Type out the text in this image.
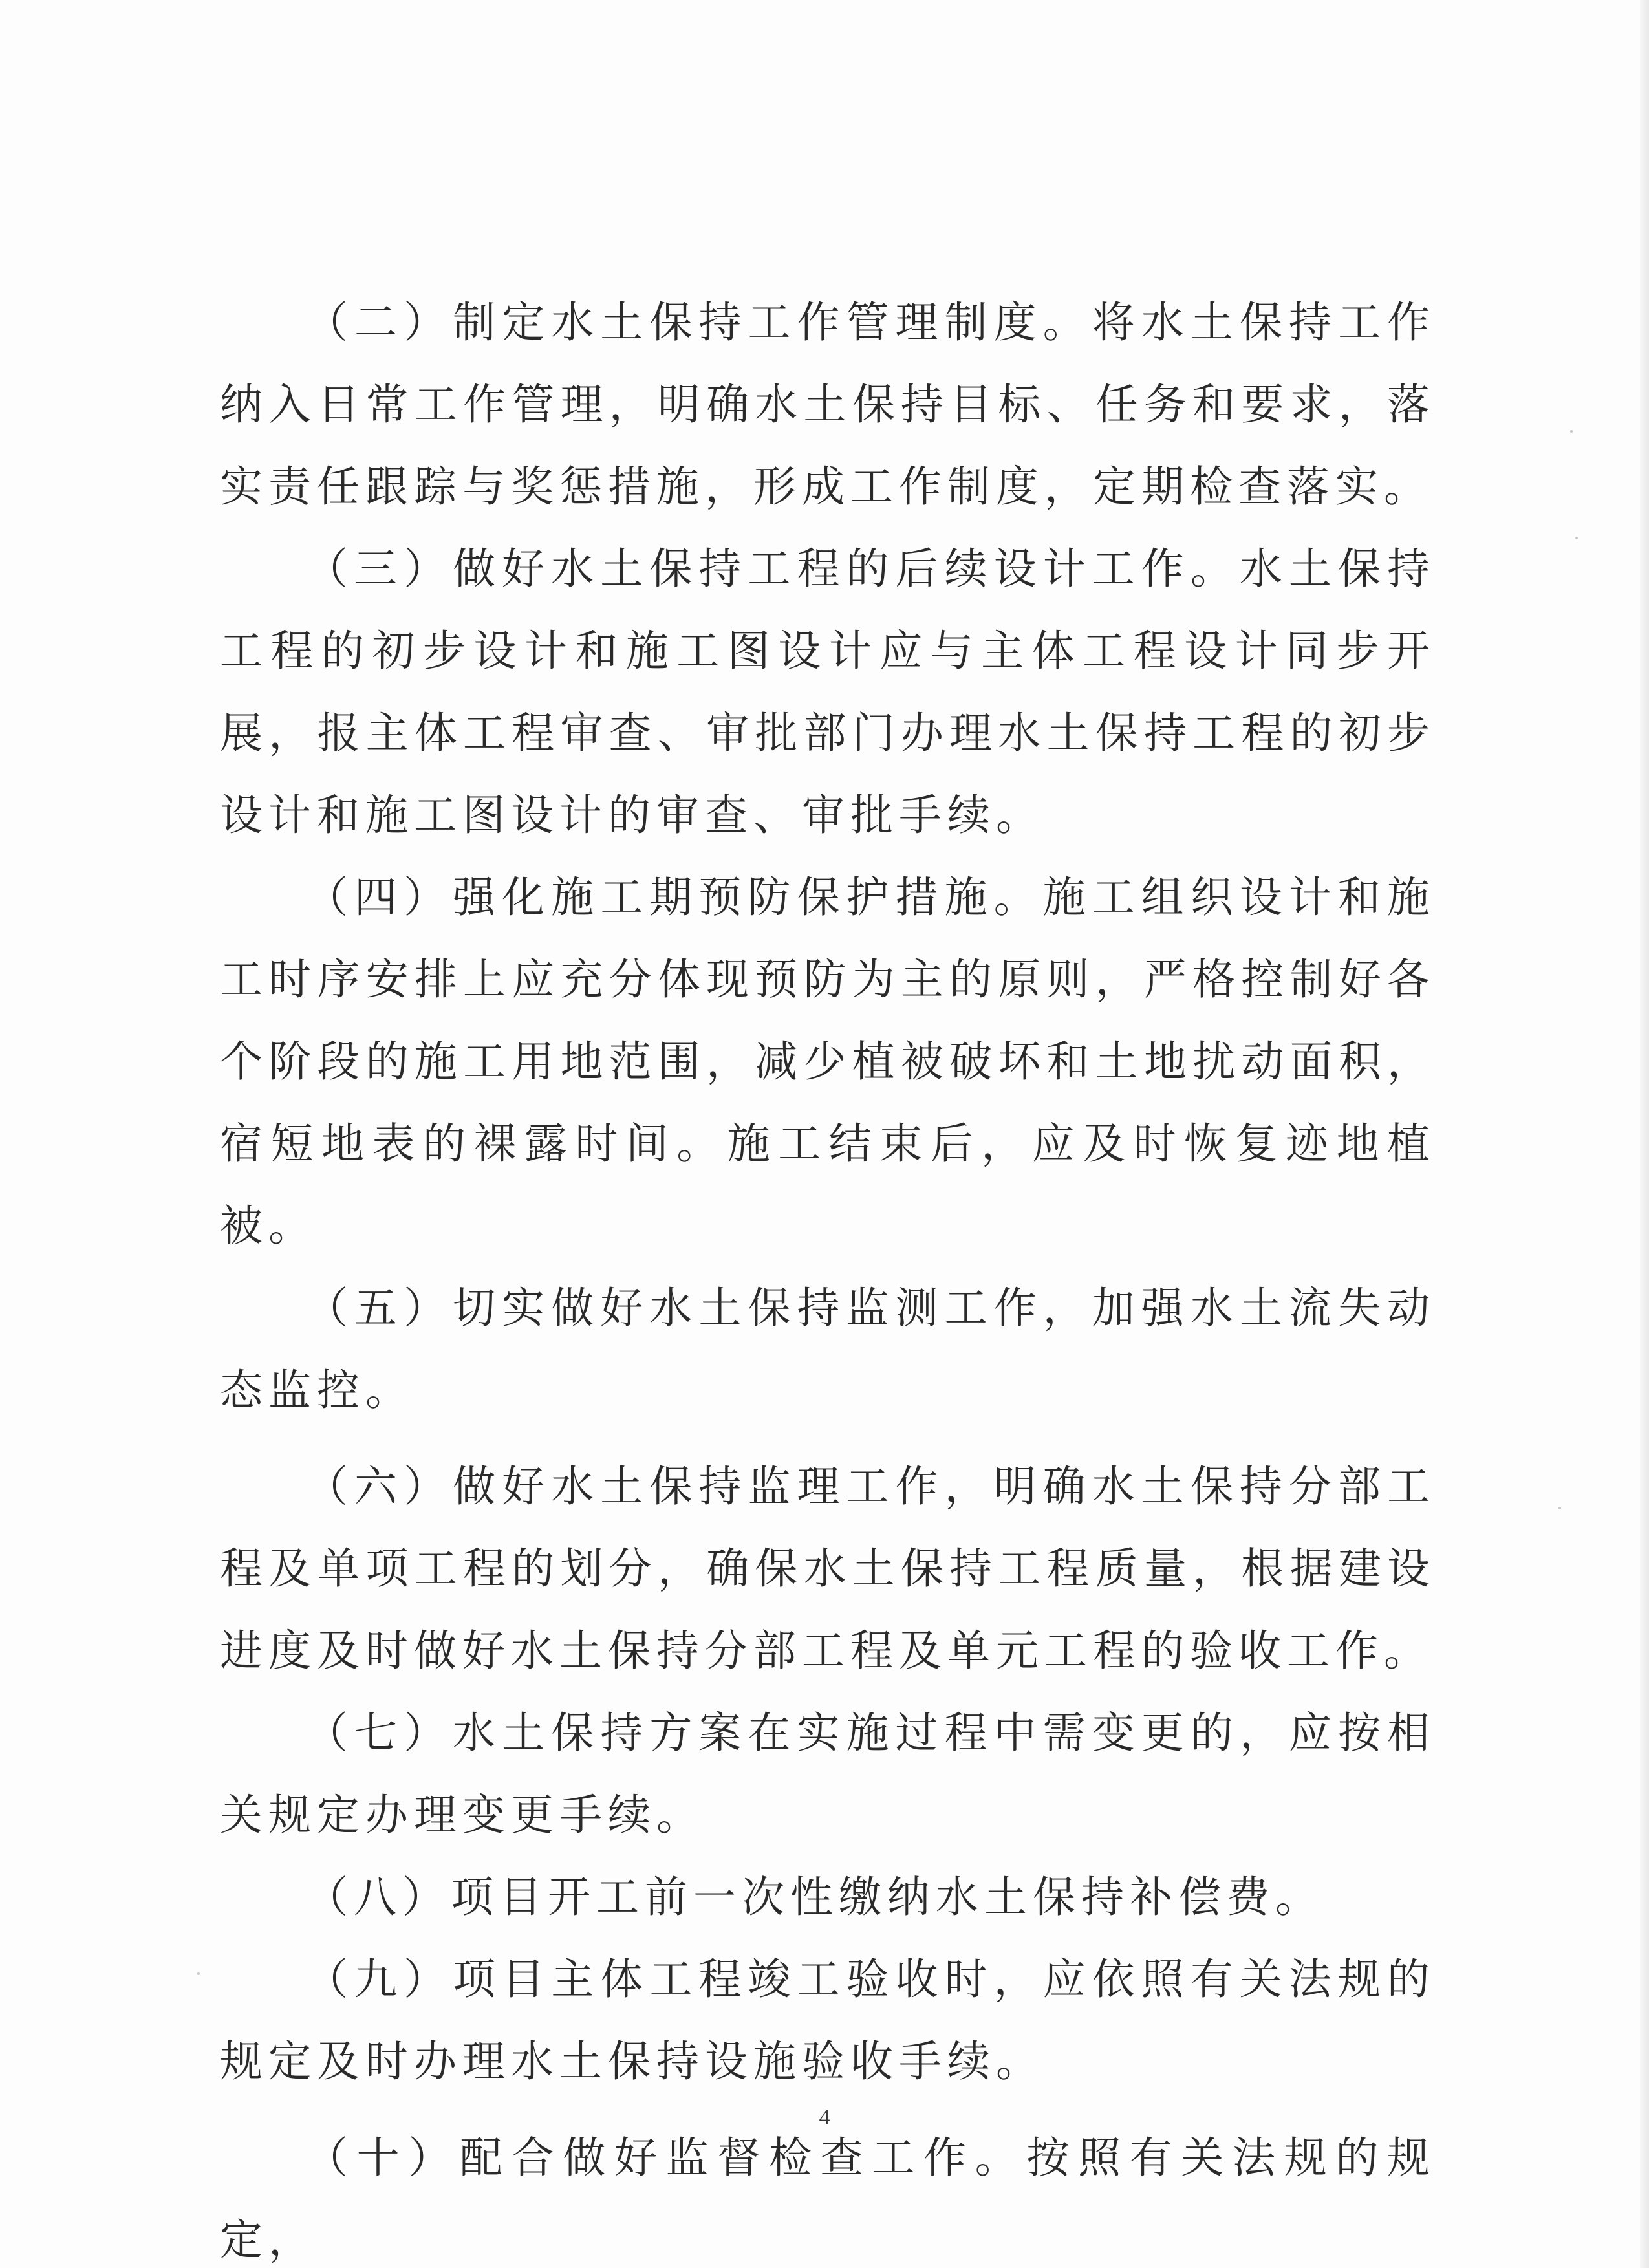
（二）制定水土保持工作管理制度。将水土保持工作纳入日常工作管理，明确水土保持目标、任务和要求，落实责任跟踪与奖惩措施，形成工作制度，定期检查落实。

（三）做好水土保持工程的后续设计工作。水土保持工程的初步设计和施工图设计应与主体工程设计同步开展，报主体工程审查、审批部门办理水土保持工程的初步设计和施工图设计的审查、审批手续。

（四）强化施工期预防保护措施。施工组织设计和施工时序安排上应充分体现预防为主的原则，严格控制好各个阶段的施工用地范围，减少植被破坏和土地扰动面积，宿短地表的裸露时间。施工结束后，应及时恢复迹地植被。

（五）切实做好水土保持监测工作，加强水土流失动态监控。

（六）做好水土保持监理工作，明确水土保持分部工程及单项工程的划分，确保水土保持工程质量，根据建设进度及时做好水土保持分部工程及单元工程的验收工作。

（七）水土保持方案在实施过程中需变更的，应按相关规定办理变更手续。

（八）项目开工前一次性缴纳水土保持补偿费。

（九）项目主体工程竣工验收时，应依照有关法规的规定及时办理水土保持设施验收手续。

（十）配合做好监督检查工作。按照有关法规的规定，

4
